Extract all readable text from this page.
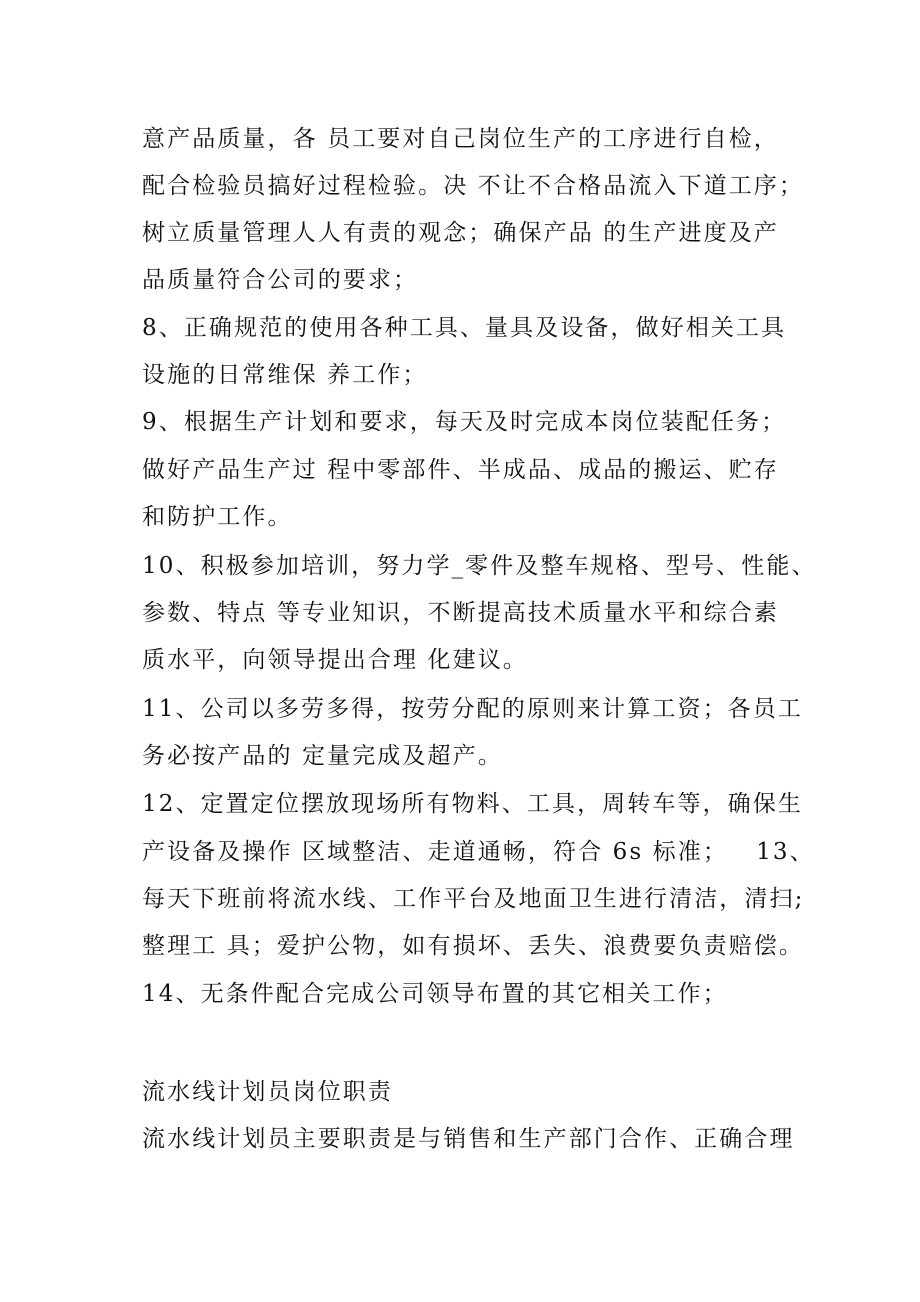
意产品质量，各 员工要对自己岗位生产的工序进行自检，
配合检验员搞好过程检验。决 不让不合格品流入下道工序；
树立质量管理人人有责的观念；确保产品 的生产进度及产
品质量符合公司的要求；
8、正确规范的使用各种工具、量具及设备，做好相关工具
设施的日常维保 养工作；
9、根据生产计划和要求，每天及时完成本岗位装配任务；
做好产品生产过 程中零部件、半成品、成品的搬运、贮存
和防护工作。
10、积极参加培训，努力学_零件及整车规格、型号、性能、
参数、特点 等专业知识，不断提高技术质量水平和综合素
质水平，向领导提出合理 化建议。
11、公司以多劳多得，按劳分配的原则来计算工资；各员工
务必按产品的 定量完成及超产。
12、定置定位摆放现场所有物料、工具，周转车等，确保生
产设备及操作 区域整洁、走道通畅，符合 6s 标准；   13、
每天下班前将流水线、工作平台及地面卫生进行清洁，清扫;
整理工 具；爱护公物，如有损坏、丢失、浪费要负责赔偿。
14、无条件配合完成公司领导布置的其它相关工作；
流水线计划员岗位职责
流水线计划员主要职责是与销售和生产部门合作、正确合理
